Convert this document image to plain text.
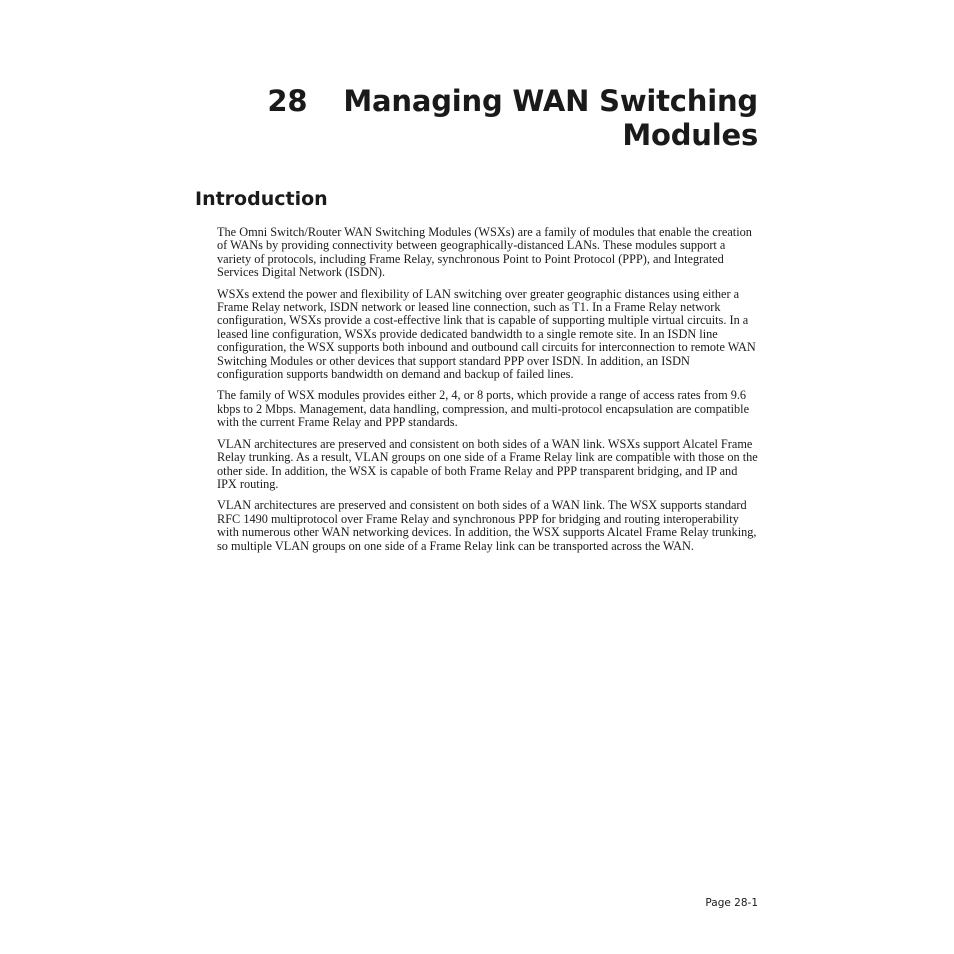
28 Managing WAN Switching
Modules
Introduction

The Omni Switch/Router WAN Switching Modules (WSXs) are a family of modules that enable the creation of WANs by providing connectivity between geographically-distanced LANs. These modules support a variety of protocols, including Frame Relay, synchronous Point to Point Protocol (PPP), and Integrated Services Digital Network (ISDN).

WSXs extend the power and flexibility of LAN switching over greater geographic distances using either a Frame Relay network, ISDN network or leased line connection, such as T1. In a Frame Relay network configuration, WSXs provide a cost-effective link that is capable of supporting multiple virtual circuits. In a leased line configuration, WSXs provide dedicated bandwidth to a single remote site. In an ISDN line configuration, the WSX supports both inbound and outbound call circuits for interconnection to remote WAN Switching Modules or other devices that support standard PPP over ISDN. In addition, an ISDN configuration supports bandwidth on demand and backup of failed lines.

The family of WSX modules provides either 2, 4, or 8 ports, which provide a range of access rates from 9.6 kbps to 2 Mbps. Management, data handling, compression, and multi-protocol encapsulation are compatible with the current Frame Relay and PPP standards.

VLAN architectures are preserved and consistent on both sides of a WAN link. WSXs support Alcatel Frame Relay trunking. As a result, VLAN groups on one side of a Frame Relay link are compatible with those on the other side. In addition, the WSX is capable of both Frame Relay and PPP transparent bridging, and IP and IPX routing.

VLAN architectures are preserved and consistent on both sides of a WAN link. The WSX supports standard RFC 1490 multiprotocol over Frame Relay and synchronous PPP for bridging and routing interoperability with numerous other WAN networking devices. In addition, the WSX supports Alcatel Frame Relay trunking, so multiple VLAN groups on one side of a Frame Relay link can be transported across the WAN.

Page 28-1
